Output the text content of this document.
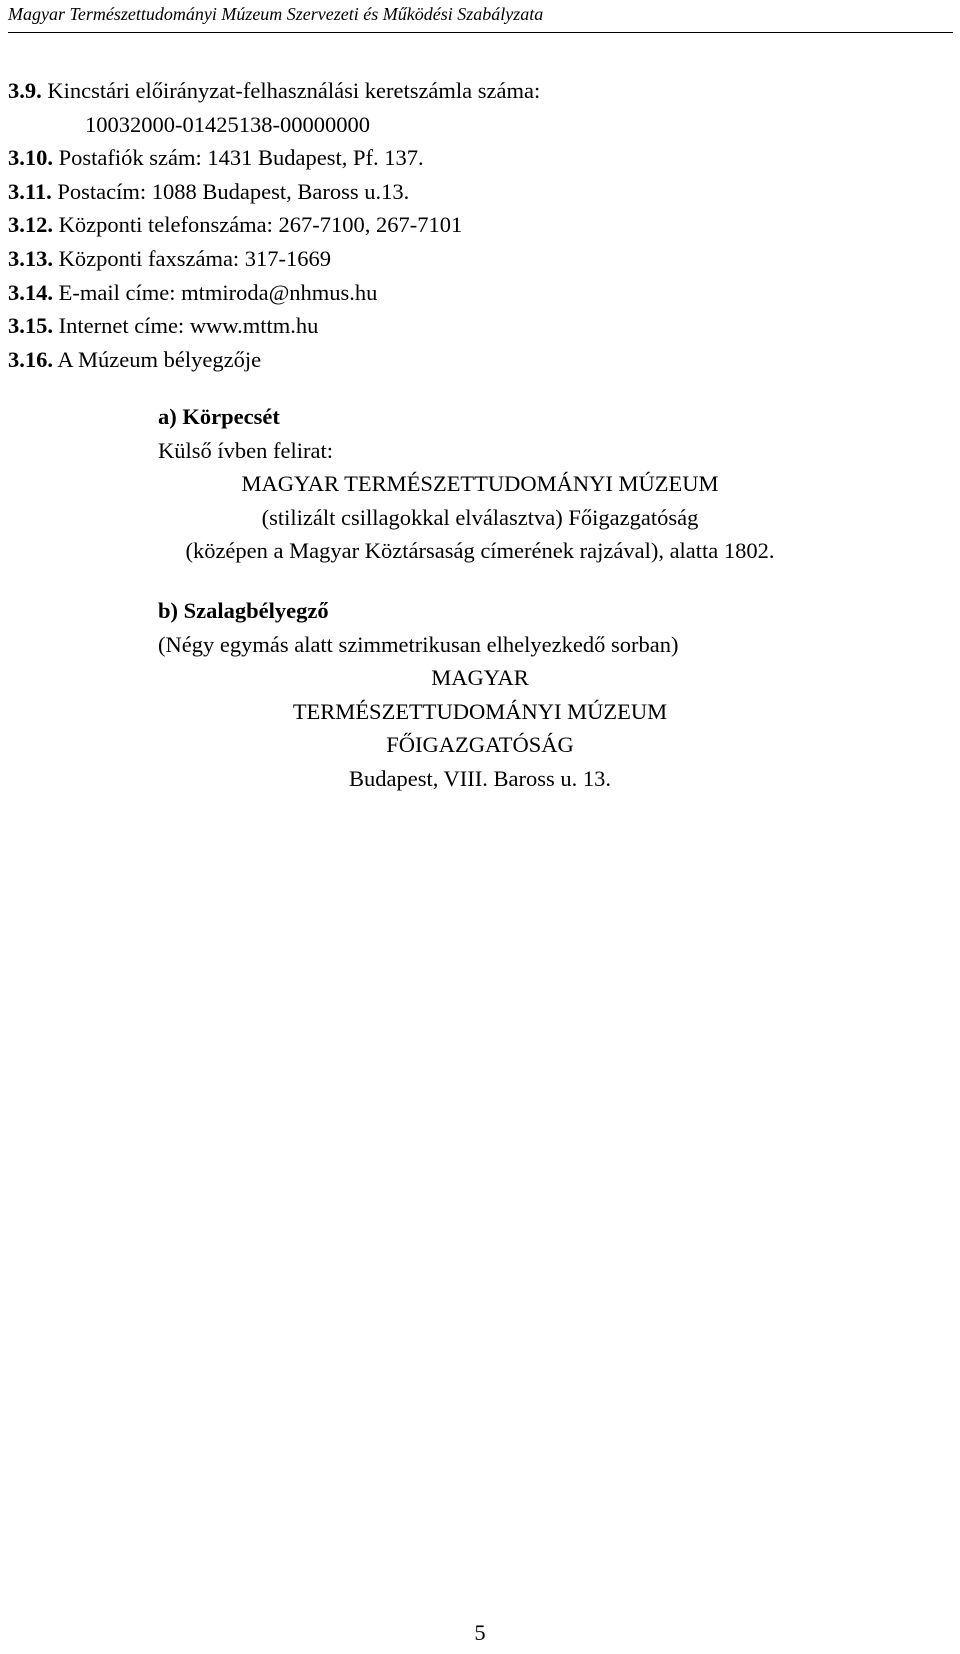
Magyar Természettudományi Múzeum Szervezeti és Működési Szabályzata
3.9. Kincstári előirányzat-felhasználási keretszámla száma:
10032000-01425138-00000000
3.10. Postafiók szám: 1431 Budapest, Pf. 137.
3.11. Postacím: 1088 Budapest, Baross u.13.
3.12. Központi telefonszáma: 267-7100, 267-7101
3.13. Központi faxszáma: 317-1669
3.14. E-mail címe: mtmiroda@nhmus.hu
3.15. Internet címe: www.mttm.hu
3.16. A Múzeum bélyegzője
a) Körpecsét
Külső ívben felirat:
MAGYAR TERMÉSZETTUDOMÁNYI MÚZEUM
(stilizált csillagokkal elválasztva) Főigazgatóság
(középen a Magyar Köztársaság címerének rajzával), alatta 1802.
b) Szalagbélyegző
(Négy egymás alatt szimmetrikusan elhelyezkedő sorban)
MAGYAR
TERMÉSZETTUDOMÁNYI MÚZEUM
FŐIGAZGATÓSÁG
Budapest, VIII. Baross u. 13.
5
